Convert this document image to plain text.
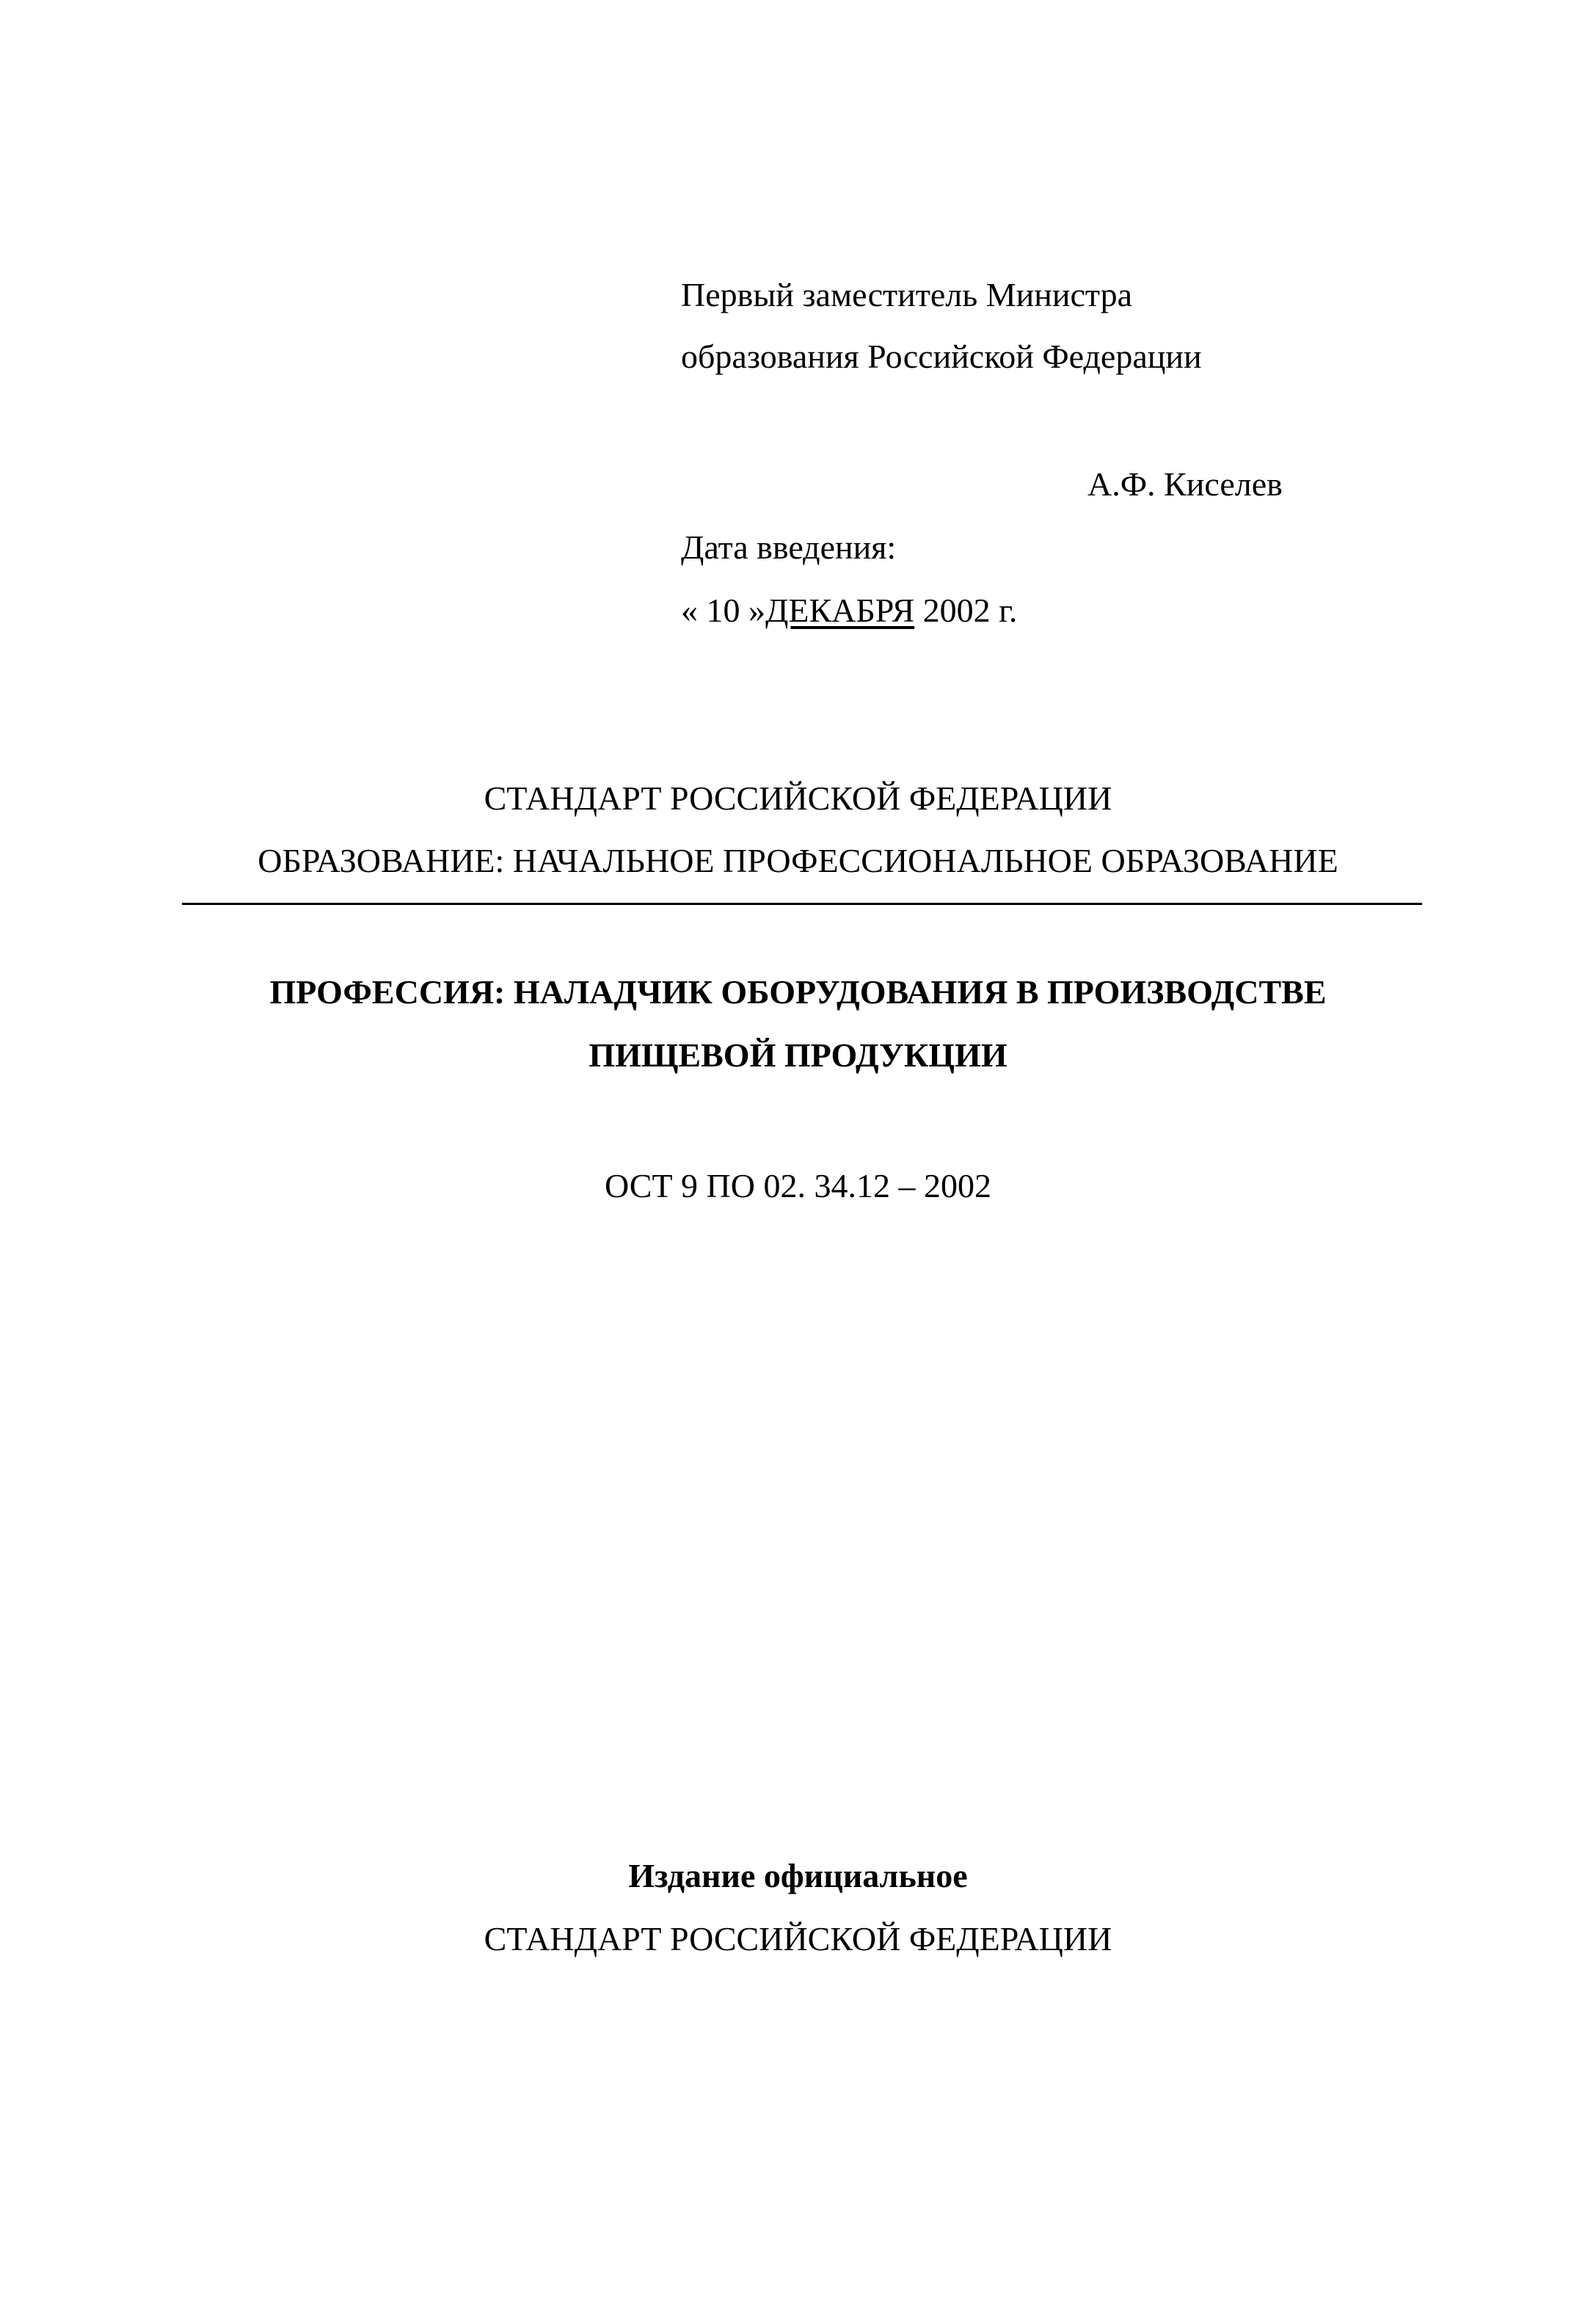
Первый заместитель Министра
образования Российской Федерации
А.Ф. Киселев
Дата введения:
« 10 »ДЕКАБРЯ 2002 г.
СТАНДАРТ РОССИЙСКОЙ ФЕДЕРАЦИИ
ОБРАЗОВАНИЕ: НАЧАЛЬНОЕ ПРОФЕССИОНАЛЬНОЕ ОБРАЗОВАНИЕ
ПРОФЕССИЯ: НАЛАДЧИК ОБОРУДОВАНИЯ В ПРОИЗВОДСТВЕ
ПИЩЕВОЙ ПРОДУКЦИИ
ОСТ 9 ПО 02. 34.12 – 2002
Издание официальное
СТАНДАРТ РОССИЙСКОЙ ФЕДЕРАЦИИ
